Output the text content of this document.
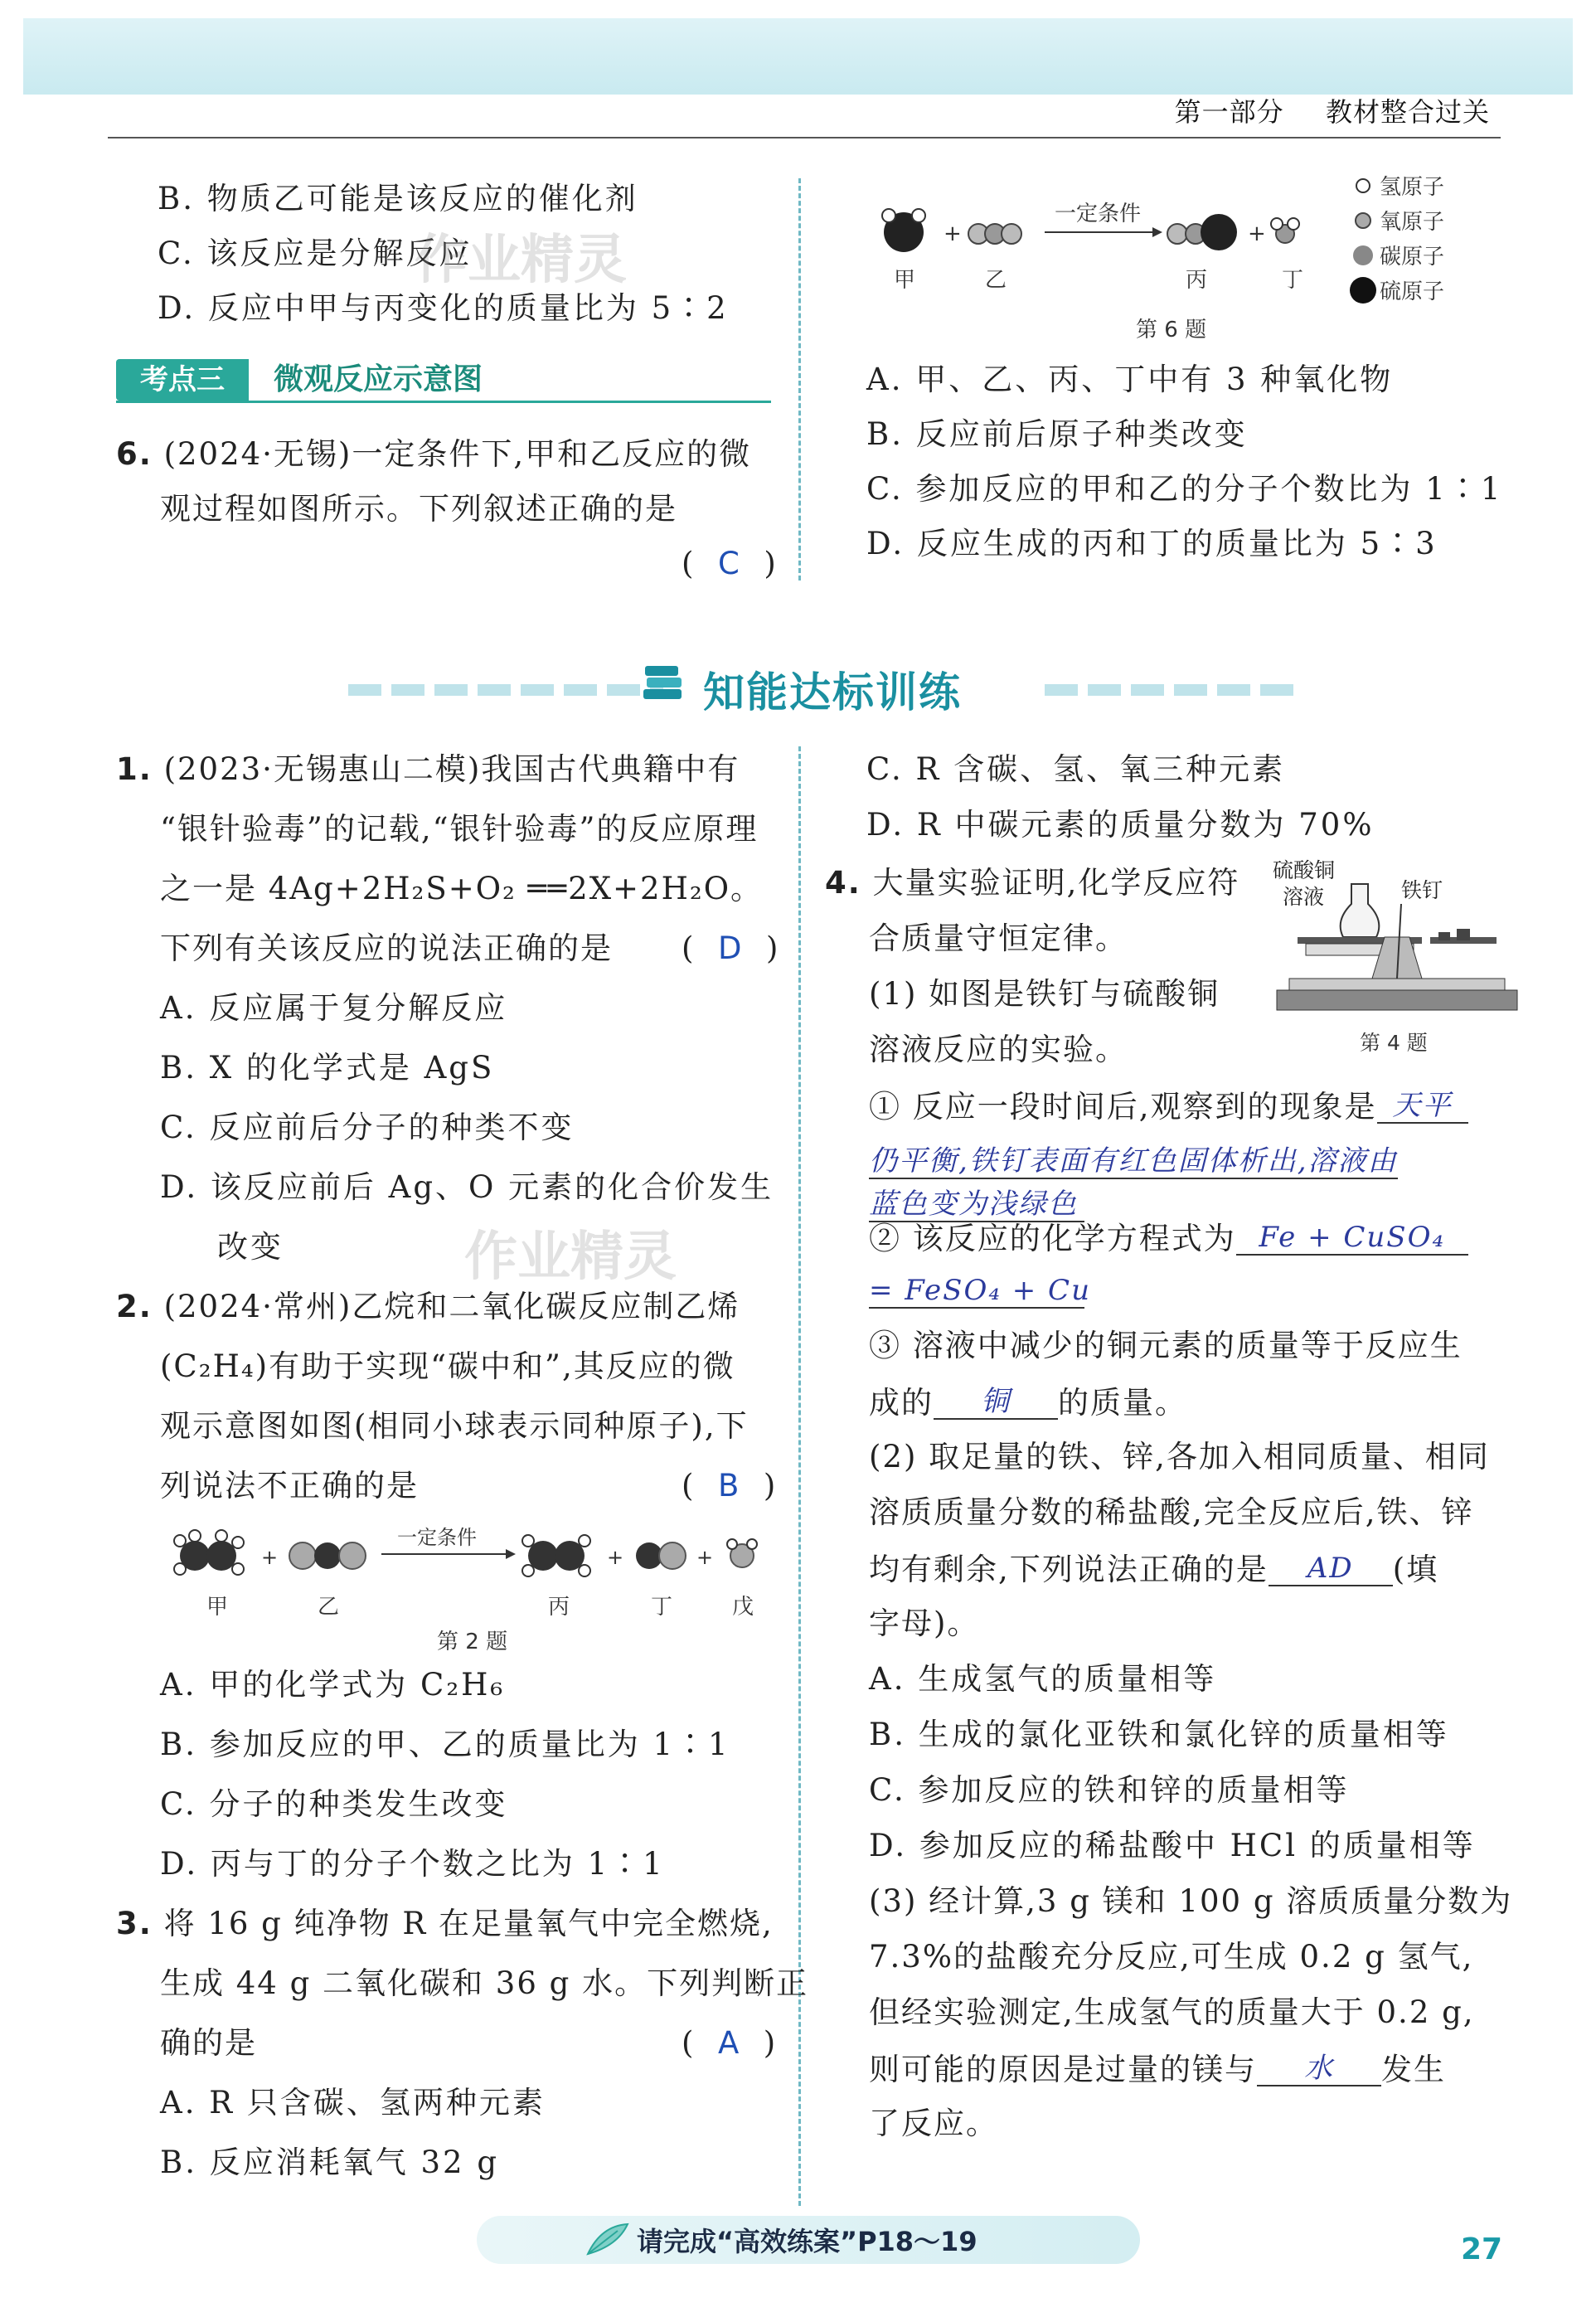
第一部分 教材整合过关
B. 物质乙可能是该反应的催化剂
C. 该反应是分解反应
D. 反应中甲与丙变化的质量比为 5∶2
作业精灵
考点三	微观反应示意图
6. (2024·无锡)一定条件下,甲和乙反应的微
观过程如图所示。下列叙述正确的是
(  C  )
+
一定条件
+
甲	乙	丙	丁
氢原子
氧原子
碳原子
硫原子
第 6 题
A. 甲、乙、丙、丁中有 3 种氧化物
B. 反应前后原子种类改变
C. 参加反应的甲和乙的分子个数比为 1∶1
D. 反应生成的丙和丁的质量比为 5∶3
知能达标训练
1. (2023·无锡惠山二模)我国古代典籍中有
“银针验毒”的记载,“银针验毒”的反应原理
之一是 4Ag+2H₂S+O₂ ══2X+2H₂O。
下列有关该反应的说法正确的是 (  D  )
A. 反应属于复分解反应
B. X 的化学式是 AgS
C. 反应前后分子的种类不变
D. 该反应前后 Ag、O 元素的化合价发生
改变	作业精灵
2. (2024·常州)乙烷和二氧化碳反应制乙烯
(C₂H₄)有助于实现“碳中和”,其反应的微
观示意图如图(相同小球表示同种原子),下
列说法不正确的是	(  B  )
+
一定条件
+	+
甲	乙	丙	丁	戊
第 2 题
A. 甲的化学式为 C₂H₆
B. 参加反应的甲、乙的质量比为 1∶1
C. 分子的种类发生改变
D. 丙与丁的分子个数之比为 1∶1
3. 将 16 g 纯净物 R 在足量氧气中完全燃烧,
生成 44 g 二氧化碳和 36 g 水。下列判断正
确的是	(  A  )
A. R 只含碳、氢两种元素
B. 反应消耗氧气 32 g
C. R 含碳、氢、氧三种元素
D. R 中碳元素的质量分数为 70%
4. 大量实验证明,化学反应符
合质量守恒定律。
(1) 如图是铁钉与硫酸铜
溶液反应的实验。
硫酸铜
溶液	铁钉
第 4 题
① 反应一段时间后,观察到的现象是 天平
仍平衡,铁钉表面有红色固体析出,溶液由
蓝色变为浅绿色
② 该反应的化学方程式为 Fe + CuSO₄
= FeSO₄ + Cu
③ 溶液中减少的铜元素的质量等于反应生
成的 铜 的质量。
(2) 取足量的铁、锌,各加入相同质量、相同
溶质质量分数的稀盐酸,完全反应后,铁、锌
均有剩余,下列说法正确的是 AD (填
字母)。
A. 生成氢气的质量相等
B. 生成的氯化亚铁和氯化锌的质量相等
C. 参加反应的铁和锌的质量相等
D. 参加反应的稀盐酸中 HCl 的质量相等
(3) 经计算,3 g 镁和 100 g 溶质质量分数为
7.3%的盐酸充分反应,可生成 0.2 g 氢气,
但经实验测定,生成氢气的质量大于 0.2 g,
则可能的原因是过量的镁与 水 发生
了反应。
请完成“高效练案”P18～19	27
